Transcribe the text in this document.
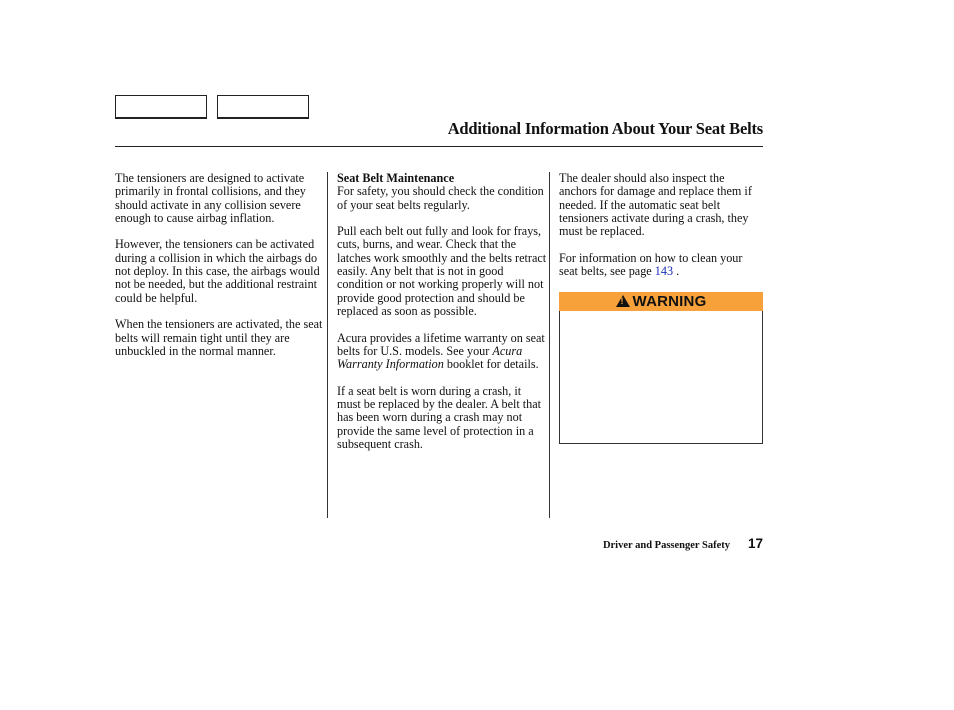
Additional Information About Your Seat Belts

The tensioners are designed to activate primarily in frontal collisions, and they should activate in any collision severe enough to cause airbag inflation.

However, the tensioners can be activated during a collision in which the airbags do not deploy. In this case, the airbags would not be needed, but the additional restraint could be helpful.

When the tensioners are activated, the seat belts will remain tight until they are unbuckled in the normal manner.

Seat Belt Maintenance
For safety, you should check the condition of your seat belts regularly.

Pull each belt out fully and look for frays, cuts, burns, and wear. Check that the latches work smoothly and the belts retract easily. Any belt that is not in good condition or not working properly will not provide good protection and should be replaced as soon as possible.

Acura provides a lifetime warranty on seat belts for U.S. models. See your Acura Warranty Information booklet for details.

If a seat belt is worn during a crash, it must be replaced by the dealer. A belt that has been worn during a crash may not provide the same level of protection in a subsequent crash.

The dealer should also inspect the anchors for damage and replace them if needed. If the automatic seat belt tensioners activate during a crash, they must be replaced.

For information on how to clean your seat belts, see page 143 .

!
WARNING
Driver and Passenger Safety	17
